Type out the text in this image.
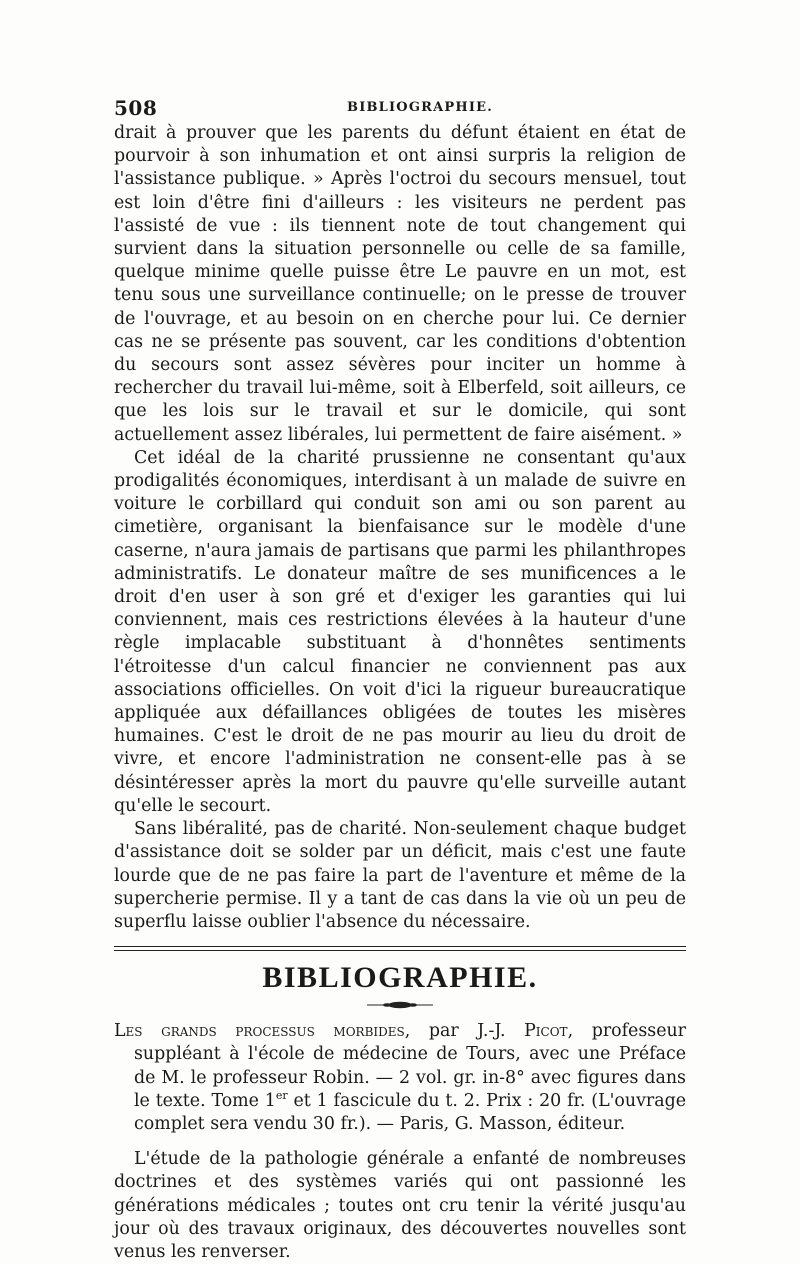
508	BIBLIOGRAPHIE.

drait à prouver que les parents du défunt étaient en état de pourvoir à son inhumation et ont ainsi surpris la religion de l'assistance publique. » Après l'octroi du secours mensuel, tout est loin d'être fini d'ailleurs : les visiteurs ne perdent pas l'assisté de vue : ils tiennent note de tout changement qui survient dans la situation personnelle ou celle de sa famille, quelque minime quelle puisse être Le pauvre en un mot, est tenu sous une surveillance continuelle; on le presse de trouver de l'ouvrage, et au besoin on en cherche pour lui. Ce dernier cas ne se présente pas souvent, car les conditions d'obtention du secours sont assez sévères pour inciter un homme à rechercher du travail lui-même, soit à Elberfeld, soit ailleurs, ce que les lois sur le travail et sur le domicile, qui sont actuellement assez libérales, lui permettent de faire aisément. »

Cet idéal de la charité prussienne ne consentant qu'aux prodigalités économiques, interdisant à un malade de suivre en voiture le corbillard qui conduit son ami ou son parent au cimetière, organisant la bienfaisance sur le modèle d'une caserne, n'aura jamais de partisans que parmi les philanthropes administratifs. Le donateur maître de ses munificences a le droit d'en user à son gré et d'exiger les garanties qui lui conviennent, mais ces restrictions élevées à la hauteur d'une règle implacable substituant à d'honnêtes sentiments l'étroitesse d'un calcul financier ne conviennent pas aux associations officielles. On voit d'ici la rigueur bureaucratique appliquée aux défaillances obligées de toutes les misères humaines. C'est le droit de ne pas mourir au lieu du droit de vivre, et encore l'administration ne consent-elle pas à se désintéresser après la mort du pauvre qu'elle surveille autant qu'elle le secourt.

Sans libéralité, pas de charité. Non-seulement chaque budget d'assistance doit se solder par un déficit, mais c'est une faute lourde que de ne pas faire la part de l'aventure et même de la supercherie permise. Il y a tant de cas dans la vie où un peu de superflu laisse oublier l'absence du nécessaire.

BIBLIOGRAPHIE.

Les grands processus morbides, par J.-J. Picot, professeur suppléant à l'école de médecine de Tours, avec une Préface de M. le professeur Robin. — 2 vol. gr. in-8° avec figures dans le texte. Tome 1er et 1 fascicule du t. 2. Prix : 20 fr. (L'ouvrage complet sera vendu 30 fr.). — Paris, G. Masson, éditeur.

L'étude de la pathologie générale a enfanté de nombreuses doctrines et des systèmes variés qui ont passionné les générations médicales ; toutes ont cru tenir la vérité jusqu'au jour où des travaux originaux, des découvertes nouvelles sont venus les renverser.
